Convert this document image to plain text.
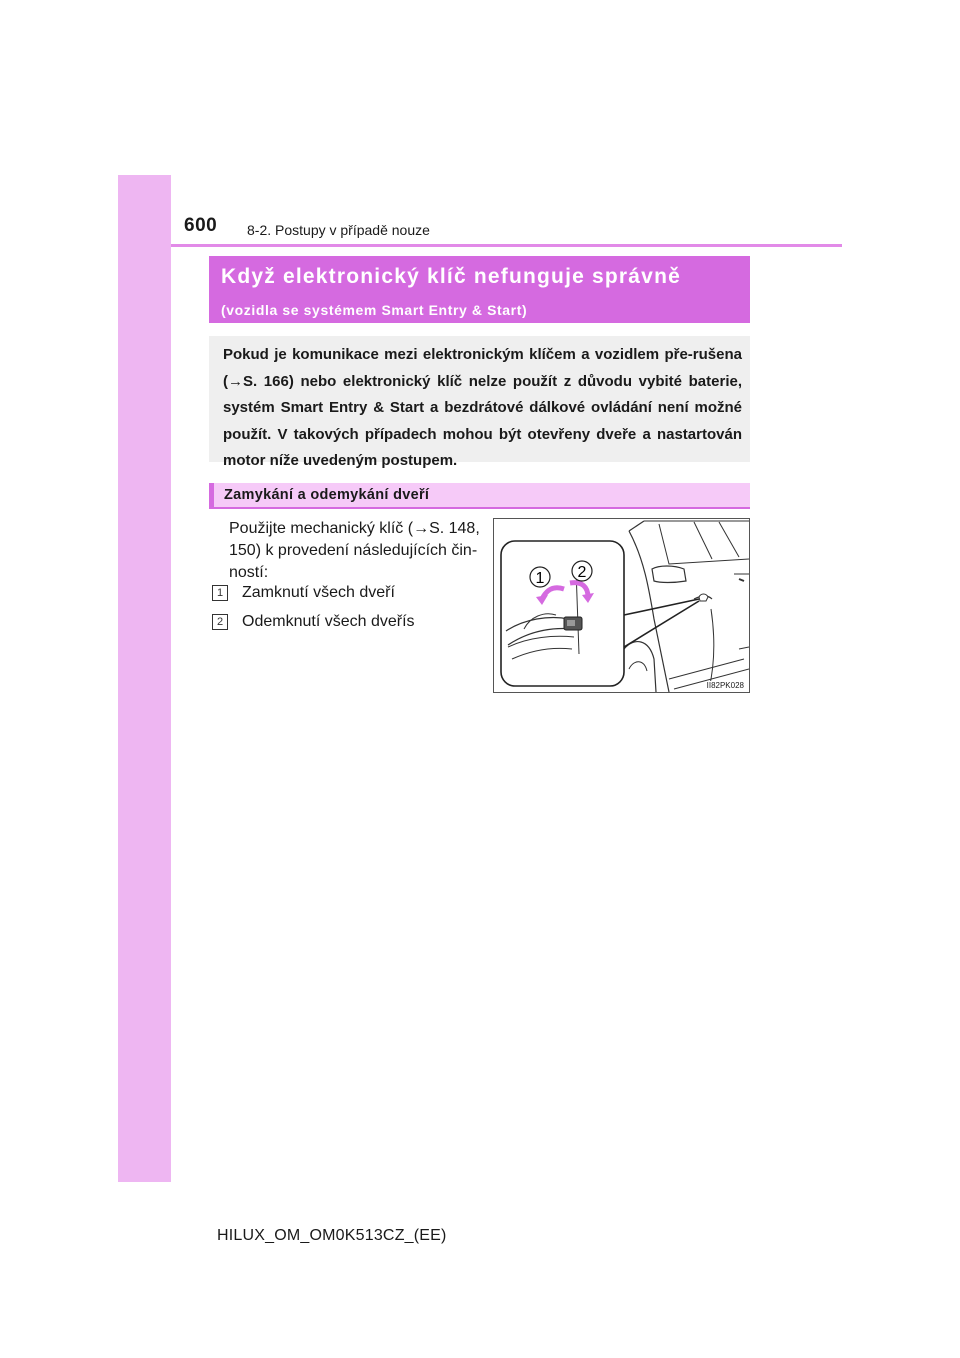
600 8-2. Postupy v případě nouze
Když elektronický klíč nefunguje správně
(vozidla se systémem Smart Entry & Start)

Pokud je komunikace mezi elektronickým klíčem a vozidlem pře-rušena (→S. 166) nebo elektronický klíč nelze použít z důvodu vybité baterie, systém Smart Entry & Start a bezdrátové dálkové ovládání není možné použít. V takových případech mohou být otevřeny dveře a nastartován motor níže uvedeným postupem.

Zamykání a odemykání dveří

Použijte mechanický klíč (→S. 148, 150) k provedení následujících čin-ností:

1	Zamknutí všech dveří
2	Odemknutí všech dveřís
1 2
II82PK028
HILUX_OM_OM0K513CZ_(EE)
